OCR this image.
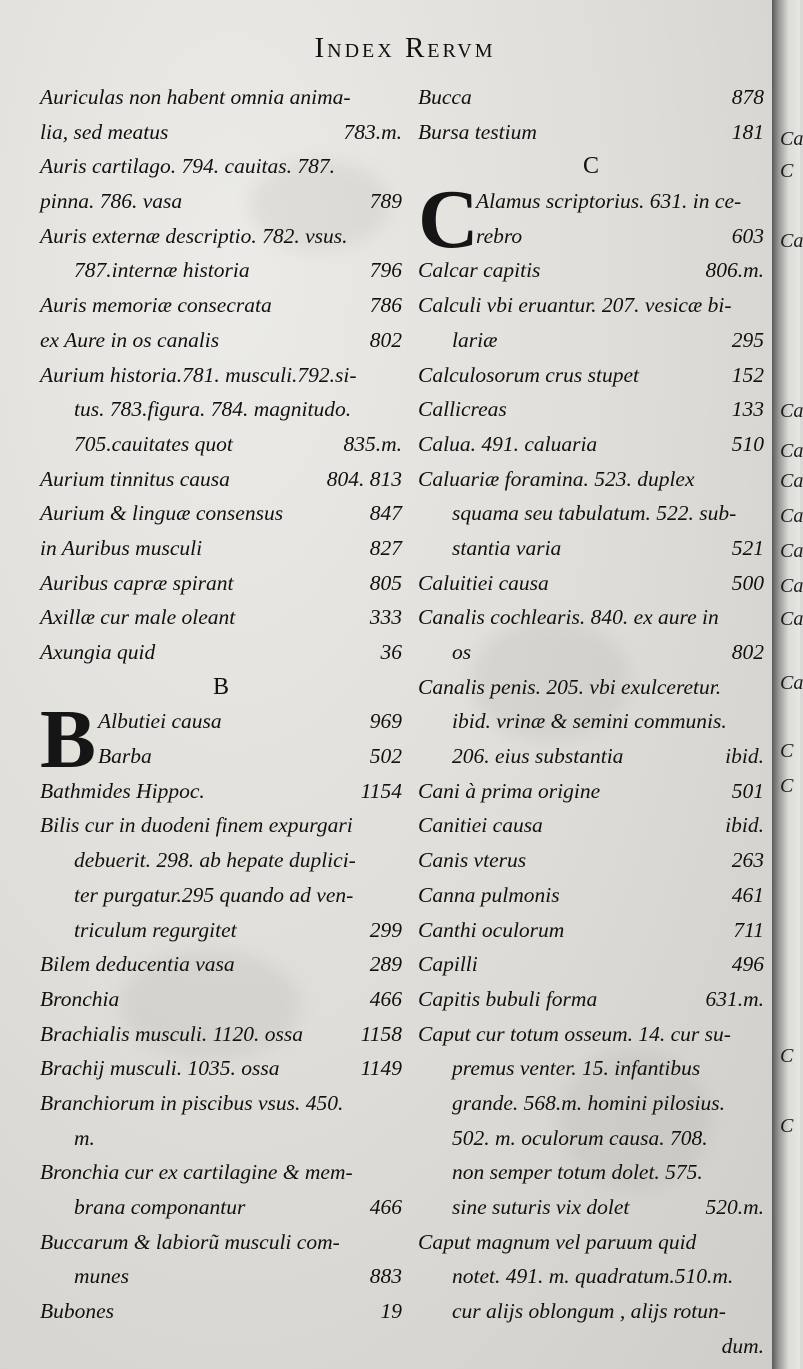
Index Rervm
Auriculas non habent omnia anima-
lia, sed meatus	783.m.
Auris cartilago. 794. cauitas. 787.
pinna. 786. vasa	789
Auris externæ descriptio. 782. vsus.
787.internæ historia	796
Auris memoriæ consecrata	786
ex Aure in os canalis	802
Aurium historia.781. musculi.792.si-
tus. 783.figura. 784. magnitudo.
705.cauitates quot	835.m.
Aurium tinnitus causa	804. 813
Aurium & linguæ consensus	847
in Auribus musculi	827
Auribus capræ spirant	805
Axillæ cur male oleant	333
Axungia quid	36
B
B Albutiei causa	969
Barba	502
Bathmides Hippoc.	1154
Bilis cur in duodeni finem expurgari
debuerit. 298. ab hepate duplici-
ter purgatur.295 quando ad ven-
triculum regurgitet	299
Bilem deducentia vasa	289
Bronchia	466
Brachialis musculi. 1120. ossa	1158
Brachij musculi. 1035. ossa	1149
Branchiorum in piscibus vsus. 450.
m.
Bronchia cur ex cartilagine & mem-
brana componantur	466
Buccarum & labiorũ musculi com-
munes	883
Bubones	19
Bucca	878
Bursa testium	181
C
C
Alamus scriptorius. 631. in ce-
rebro	603
Calcar capitis	806.m.
Calculi vbi eruantur. 207. vesicæ bi-
lariæ	295
Calculosorum crus stupet	152
Callicreas	133
Calua. 491. caluaria	510
Caluariæ foramina. 523. duplex
squama seu tabulatum. 522. sub-
stantia varia	521
Caluitiei causa	500
Canalis cochlearis. 840. ex aure in
os	802
Canalis penis. 205. vbi exulceretur.
ibid. vrinæ & semini communis.
206. eius substantia	ibid.
Cani à prima origine	501
Canitiei causa	ibid.
Canis vterus	263
Canna pulmonis	461
Canthi oculorum	711
Capilli	496
Capitis bubuli forma	631.m.
Caput cur totum osseum. 14. cur su-
premus venter. 15. infantibus
grande. 568.m. homini pilosius.
502. m. oculorum causa. 708.
non semper totum dolet. 575.
sine suturis vix dolet	520.m.
Caput magnum vel paruum quid
notet. 491. m. quadratum.510.m.
cur alijs oblongum , alijs rotun-
dum.
Ca
C
Ca
Ca
Ca
Ca
Ca
Ca
Ca
Ca
Ca
C
C
C
C
